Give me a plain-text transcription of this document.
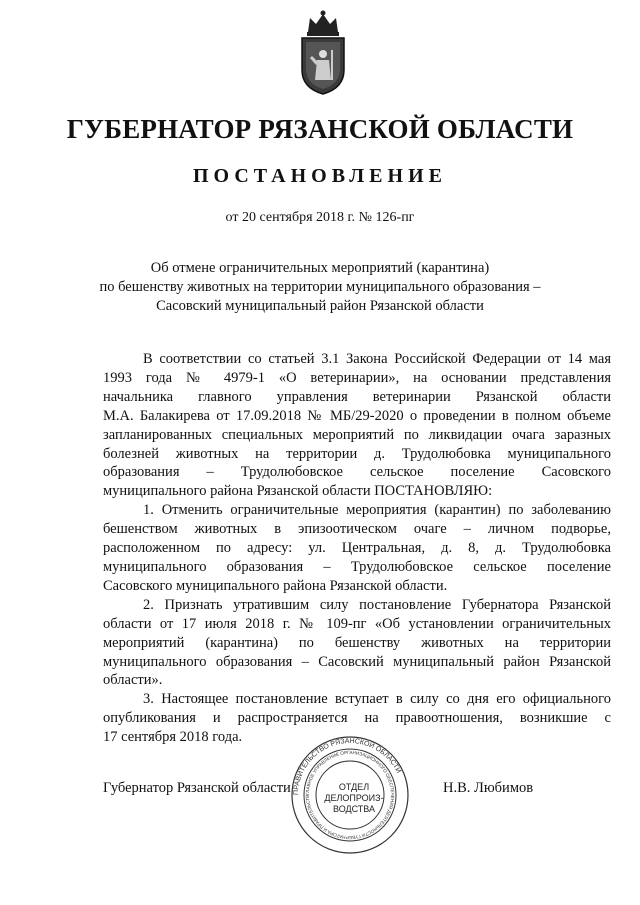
ГУБЕРНАТОР РЯЗАНСКОЙ ОБЛАСТИ
ПОСТАНОВЛЕНИЕ
от 20 сентября 2018 г. № 126-пг
Об отмене ограничительных мероприятий (карантина)
по бешенству животных на территории муниципального образования –
Сасовский муниципальный район Рязанской области
В соответствии со статьей 3.1 Закона Российской Федерации от 14 мая
1993 года № 4979-1 «О ветеринарии», на основании представления
начальника главного управления ветеринарии Рязанской области
М.А. Балакирева от 17.09.2018 № МБ/29-2020 о проведении в полном объеме
запланированных специальных мероприятий по ликвидации очага заразных
болезней животных на территории д. Трудолюбовка муниципального
образования – Трудолюбовское сельское поселение Сасовского
муниципального района Рязанской области ПОСТАНОВЛЯЮ:
1. Отменить ограничительные мероприятия (карантин) по заболеванию
бешенством животных в эпизоотическом очаге – личном подворье,
расположенном по адресу: ул. Центральная, д. 8, д. Трудолюбовка
муниципального образования – Трудолюбовское сельское поселение
Сасовского муниципального района Рязанской области.
2. Признать утратившим силу постановление Губернатора Рязанской
области от 17 июля 2018 г. № 109-пг «Об установлении ограничительных
мероприятий (карантина) по бешенству животных на территории
муниципального образования – Сасовский муниципальный район Рязанской
области».
3. Настоящее постановление вступает в силу со дня его официального
опубликования и распространяется на правоотношения, возникшие с
17 сентября 2018 года.
Губернатор Рязанской области	Н.В. Любимов
ПРАВИТЕЛЬСТВО РЯЗАНСКОЙ ОБЛАСТИ
ГЛАВНОЕ УПРАВЛЕНИЕ ОРГАНИЗАЦИОННОГО ОБЕСПЕЧЕНИЯ ДЕЯТЕЛЬНОСТИ ГУБЕРНАТОРА И ПРАВИТЕЛЬСТВ
ОТДЕЛ
ДЕЛОПРОИЗ-
ВОДСТВА
